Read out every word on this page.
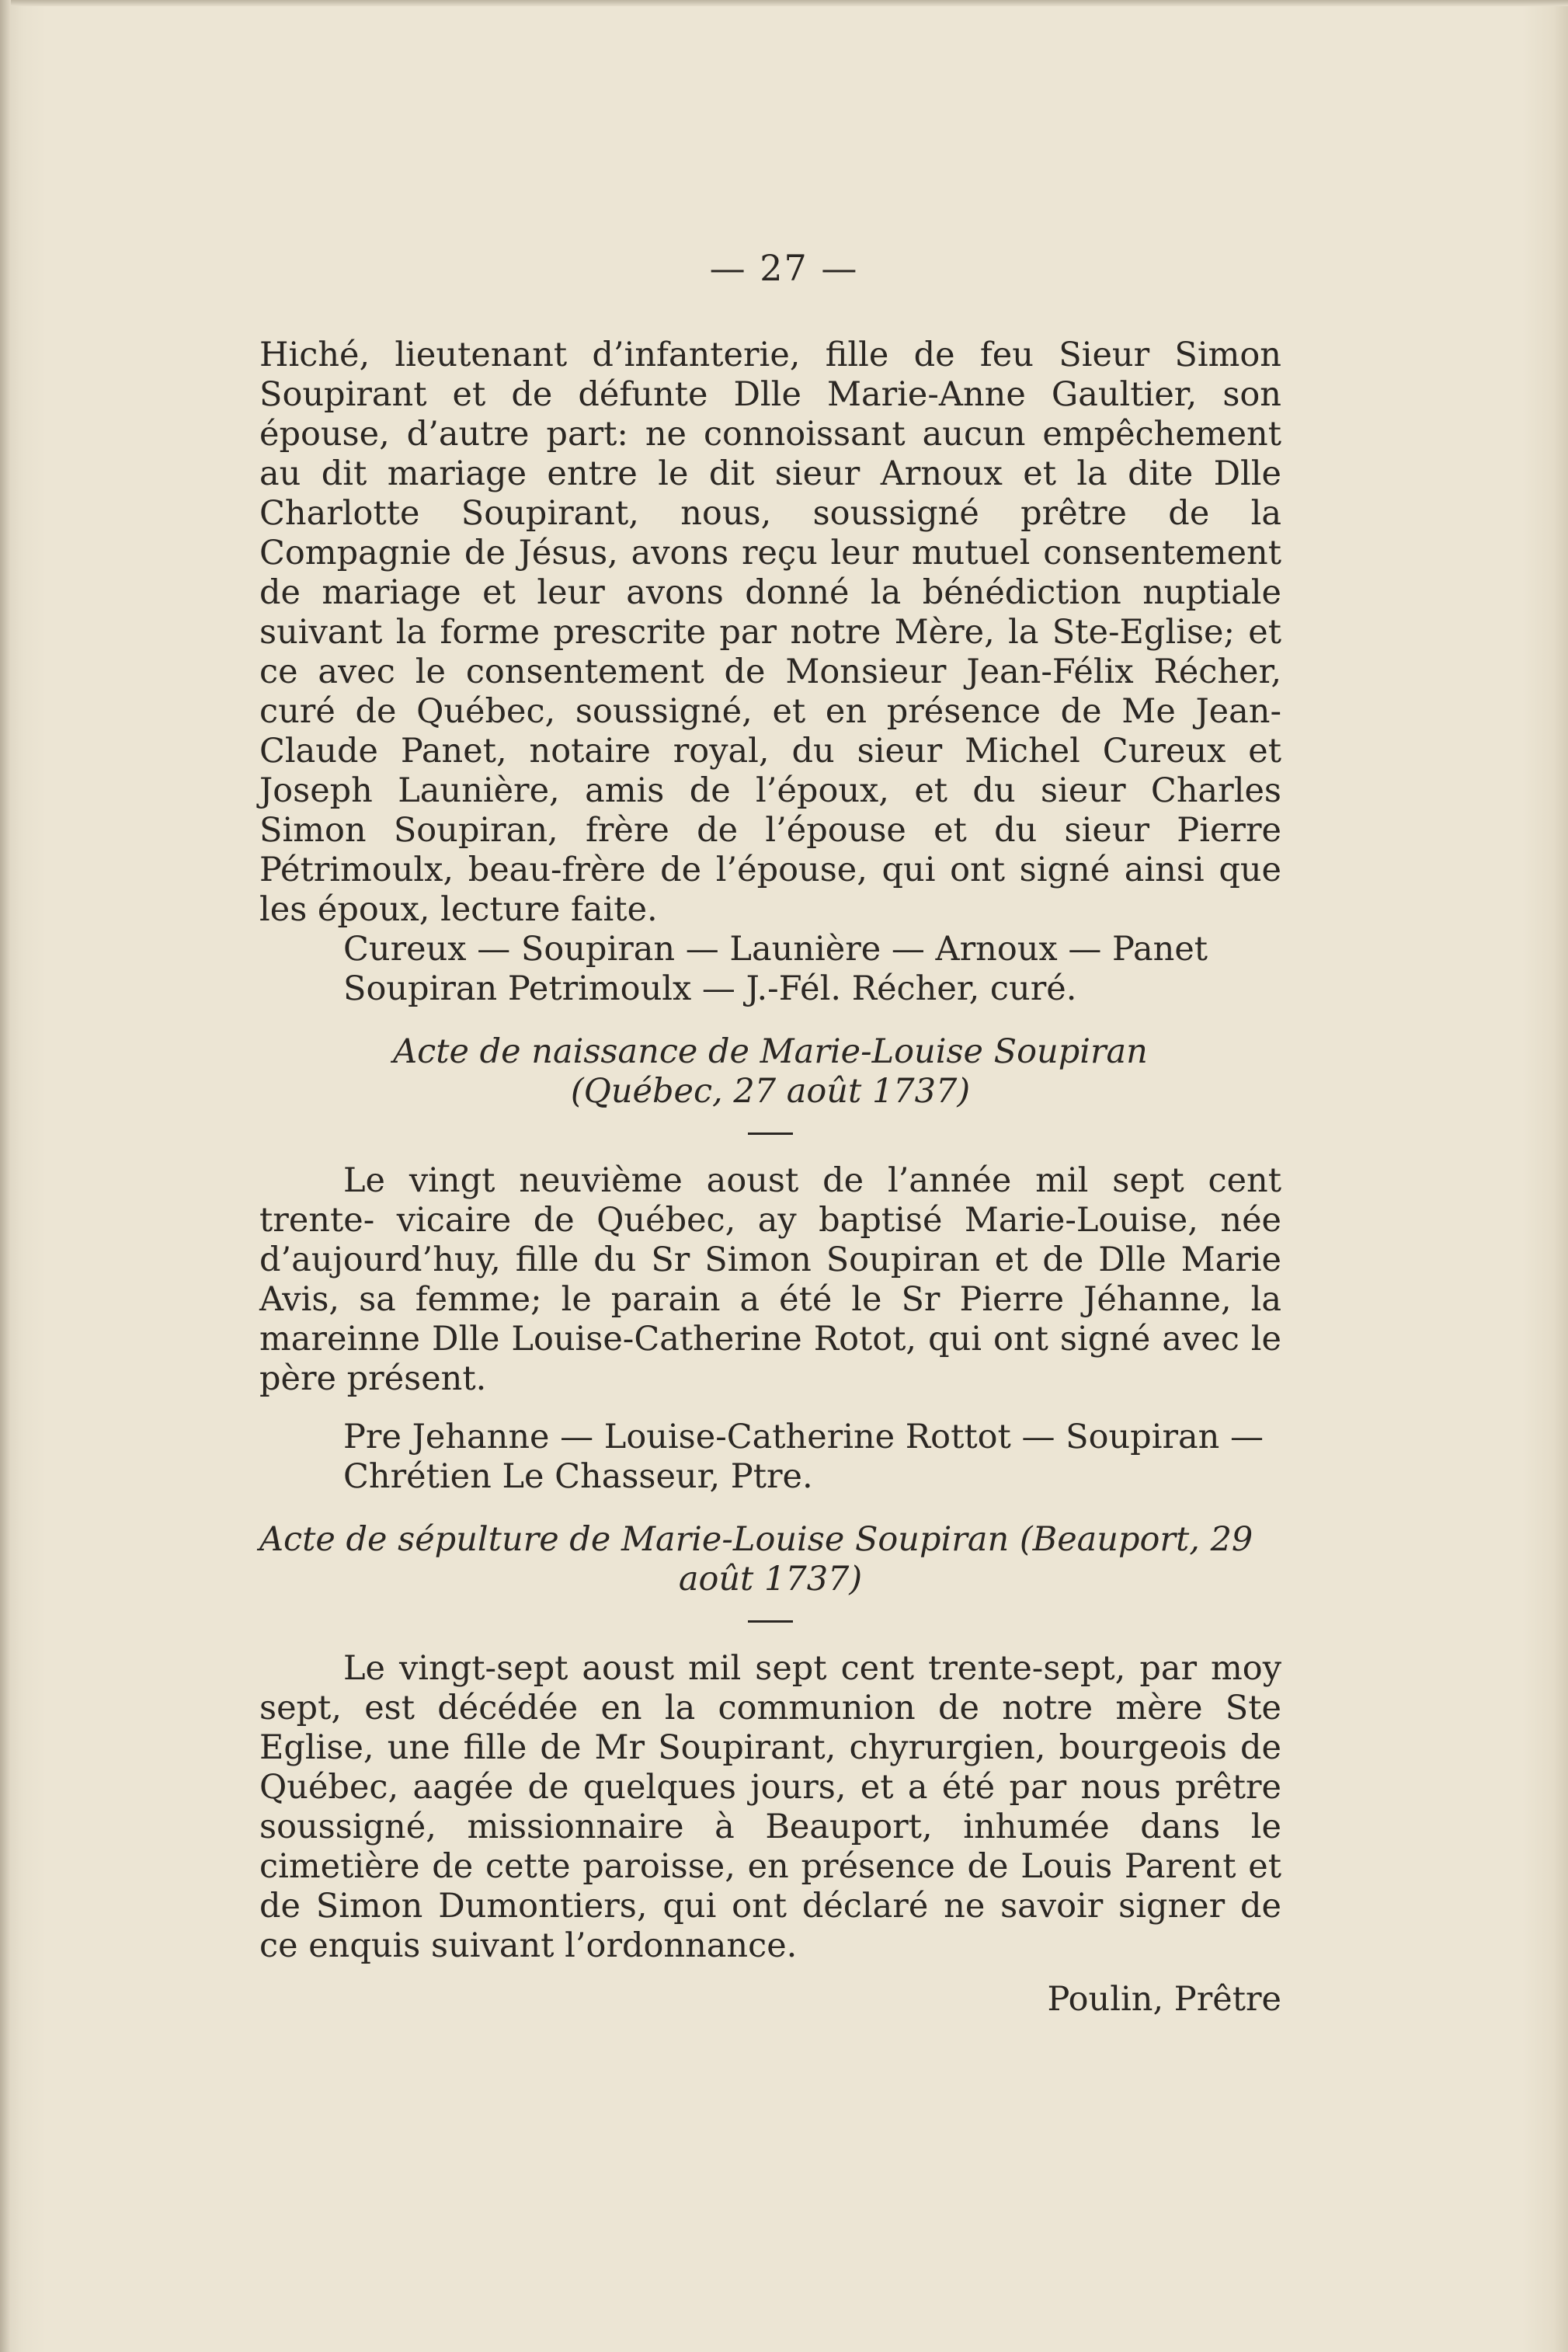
— 27 —

Hiché, lieutenant d’infanterie, fille de feu Sieur Simon Soupirant et de défunte Dlle Marie-Anne Gaultier, son épouse, d’autre part: ne connoissant aucun empêchement au dit mariage entre le dit sieur Arnoux et la dite Dlle Charlotte Soupirant, nous, soussigné prêtre de la Compagnie de Jésus, avons reçu leur mutuel consentement de mariage et leur avons donné la bénédiction nuptiale suivant la forme prescrite par notre Mère, la Ste-Eglise; et ce avec le consentement de Monsieur Jean-Félix Récher, curé de Québec, soussigné, et en présence de Me Jean-Claude Panet, notaire royal, du sieur Michel Cureux et Joseph Launière, amis de l’époux, et du sieur Charles Simon Soupiran, frère de l’épouse et du sieur Pierre Pétrimoulx, beau-frère de l’épouse, qui ont signé ainsi que les époux, lecture faite.

Cureux — Soupiran — Launière — Arnoux — Panet

Soupiran Petrimoulx — J.-Fél. Récher, curé.

Acte de naissance de Marie-Louise Soupiran

(Québec, 27 août 1737)

Le vingt neuvième aoust de l’année mil sept cent trente- vicaire de Québec, ay baptisé Marie-Louise, née d’aujourd’huy, fille du Sr Simon Soupiran et de Dlle Marie Avis, sa femme; le parain a été le Sr Pierre Jéhanne, la mareinne Dlle Louise-Catherine Rotot, qui ont signé avec le père présent.

Pre Jehanne — Louise-Catherine Rottot — Soupiran —

Chrétien Le Chasseur, Ptre.

Acte de sépulture de Marie-Louise Soupiran (Beauport, 29

août 1737)

Le vingt-sept aoust mil sept cent trente-sept, par moy sept, est décédée en la communion de notre mère Ste Eglise, une fille de Mr Soupirant, chyrurgien, bourgeois de Québec, aagée de quelques jours, et a été par nous prêtre soussigné, missionnaire à Beauport, inhumée dans le cimetière de cette paroisse, en présence de Louis Parent et de Simon Dumontiers, qui ont déclaré ne savoir signer de ce enquis suivant l’ordonnance.

Poulin, Prêtre
